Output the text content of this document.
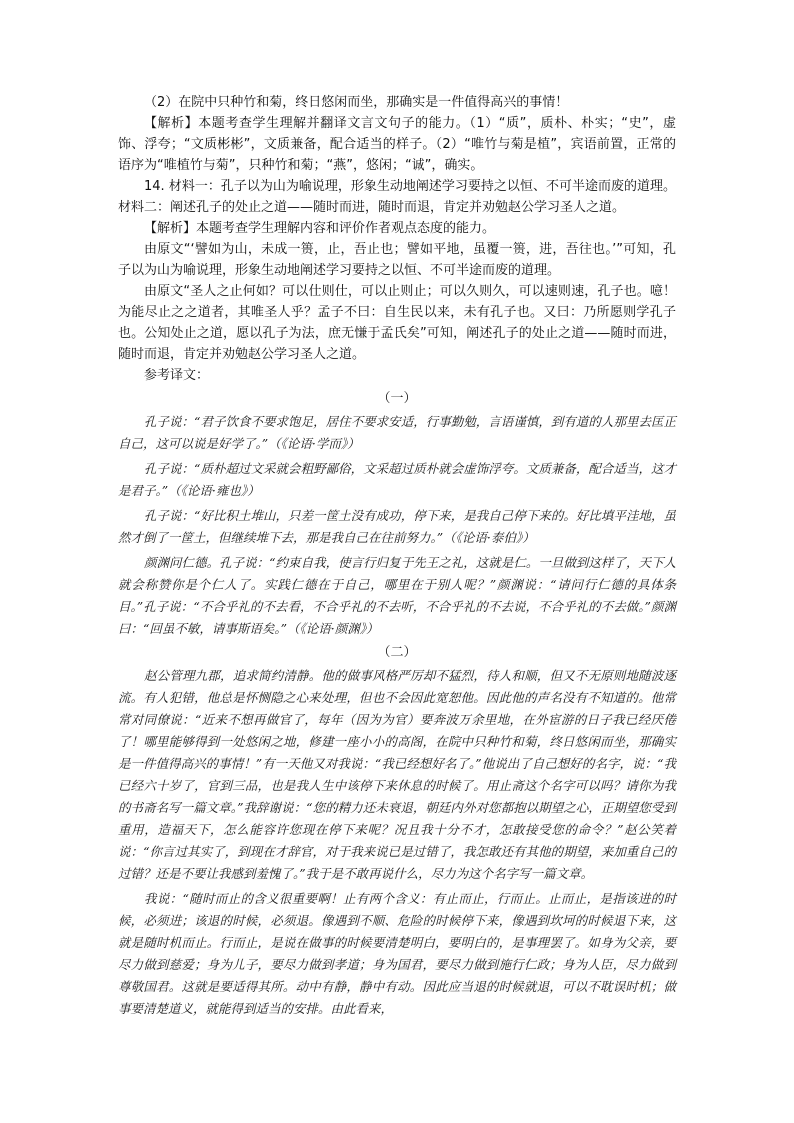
（2）在院中只种竹和菊，终日悠闲而坐，那确实是一件值得高兴的事情！

【解析】本题考查学生理解并翻译文言文句子的能力。（1）“质”，质朴、朴实；“史”，虚饰、浮夸；“文质彬彬”，文质兼备，配合适当的样子。（2）“唯竹与菊是植”，宾语前置，正常的语序为“唯植竹与菊”，只种竹和菊；“燕”，悠闲；“诚”，确实。

14. 材料一：孔子以为山为喻说理，形象生动地阐述学习要持之以恒、不可半途而废的道理。材料二：阐述孔子的处止之道——随时而进，随时而退，肯定并劝勉赵公学习圣人之道。

【解析】本题考查学生理解内容和评价作者观点态度的能力。

由原文“‘譬如为山，未成一篑，止，吾止也；譬如平地，虽覆一篑，进，吾往也。’”可知，孔子以为山为喻说理，形象生动地阐述学习要持之以恒、不可半途而废的道理。

由原文“圣人之止何如？可以仕则仕，可以止则止；可以久则久，可以速则速，孔子也。噫！为能尽止之之道者，其唯圣人乎？孟子不曰：自生民以来，未有孔子也。又曰：乃所愿则学孔子也。公知处止之道，愿以孔子为法，庶无慊于孟氏矣”可知，阐述孔子的处止之道——随时而进，随时而退，肯定并劝勉赵公学习圣人之道。

参考译文：

（一）

孔子说：“君子饮食不要求饱足，居住不要求安适，行事勤勉，言语谨慎，到有道的人那里去匡正自己，这可以说是好学了。”（《论语·学而》）

孔子说：“质朴超过文采就会粗野鄙俗，文采超过质朴就会虚饰浮夸。文质兼备，配合适当，这才是君子。”（《论语·雍也》）

孔子说：“好比积土堆山，只差一筐土没有成功，停下来，是我自己停下来的。好比填平洼地，虽然才倒了一筐土，但继续堆下去，那是我自己在往前努力。”（《论语·泰伯》）

颜渊问仁德。孔子说：“约束自我，使言行归复于先王之礼，这就是仁。一旦做到这样了，天下人就会称赞你是个仁人了。实践仁德在于自己，哪里在于别人呢？”颜渊说：“请问行仁德的具体条目。”孔子说：“不合乎礼的不去看，不合乎礼的不去听，不合乎礼的不去说，不合乎礼的不去做。”颜渊曰：“回虽不敏，请事斯语矣。”（《论语·颜渊》）

（二）

赵公管理九郡，追求简约清静。他的做事风格严厉却不猛烈，待人和顺，但又不无原则地随波逐流。有人犯错，他总是怀恻隐之心来处理，但也不会因此宽恕他。因此他的声名没有不知道的。他常常对同僚说：“近来不想再做官了，每年（因为为官）要奔波万余里地，在外宦游的日子我已经厌倦了！哪里能够得到一处悠闲之地，修建一座小小的高阁，在院中只种竹和菊，终日悠闲而坐，那确实是一件值得高兴的事情！”有一天他又对我说：“我已经想好名了。”他说出了自己想好的名字，说：“我已经六十岁了，官到三品，也是我人生中该停下来休息的时候了。用止斋这个名字可以吗？请你为我的书斋名写一篇文章。”我辞谢说：“您的精力还未衰退，朝廷内外对您都抱以期望之心，正期望您受到重用，造福天下，怎么能容许您现在停下来呢？况且我十分不才，怎敢接受您的命令？”赵公笑着说：“你言过其实了，到现在才辞官，对于我来说已是过错了，我怎敢还有其他的期望，来加重自己的过错？还是不要让我感到羞愧了。”我于是不敢再说什么，尽力为这个名字写一篇文章。

我说：“随时而止的含义很重要啊！止有两个含义：有止而止，行而止。止而止，是指该进的时候，必须进；该退的时候，必须退。像遇到不顺、危险的时候停下来，像遇到坎坷的时候退下来，这就是随时机而止。行而止，是说在做事的时候要清楚明白，要明白的，是事理罢了。如身为父亲，要尽力做到慈爱；身为儿子，要尽力做到孝道；身为国君，要尽力做到施行仁政；身为人臣，尽力做到尊敬国君。这就是要适得其所。动中有静，静中有动。因此应当退的时候就退，可以不耽误时机；做事要清楚道义，就能得到适当的安排。由此看来，
